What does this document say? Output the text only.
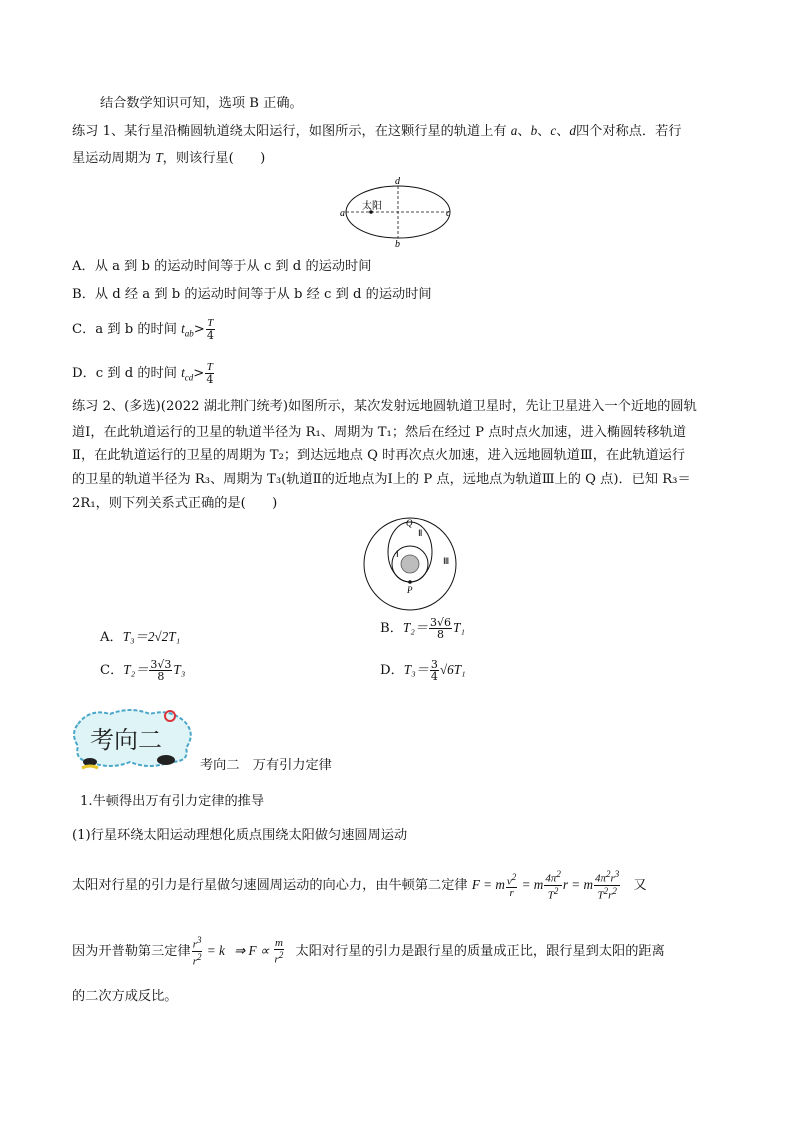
结合数学知识可知，选项 B 正确。
练习 1、某行星沿椭圆轨道绕太阳运行，如图所示，在这颗行星的轨道上有 a、b、c、d四个对称点．若行
星运动周期为 T，则该行星(　　)
太阳
a	c
d
b
A．从 a 到 b 的运动时间等于从 c 到 d 的运动时间
B．从 d 经 a 到 b 的运动时间等于从 b 经 c 到 d 的运动时间
C．a 到 b 的时间 $t_{ab}> \frac{T}{4}$
D．c 到 d 的时间 $t_{cd}> \frac{T}{4}$
练习 2、(多选)(2022 湖北荆门统考)如图所示，某次发射远地圆轨道卫星时，先让卫星进入一个近地的圆轨
道Ⅰ，在此轨道运行的卫星的轨道半径为 R₁、周期为 T₁；然后在经过 P 点时点火加速，进入椭圆转移轨道
Ⅱ，在此轨道运行的卫星的周期为 T₂；到达远地点 Q 时再次点火加速，进入远地圆轨道Ⅲ，在此轨道运行
的卫星的轨道半径为 R₃、周期为 T₃(轨道Ⅱ的近地点为Ⅰ上的 P 点，远地点为轨道Ⅲ上的 Q 点)．已知 R₃＝
2R₁，则下列关系式正确的是(　　)
Q
P
Ⅰ
Ⅱ
Ⅲ
A．T₃＝2√2T₁
B．$T_2= \frac{3√6}{8} T_1$
C．$T_2= \frac{3√3}{8} T_3$	D．$T_3= \frac{3}{4} √6T_1$
考向二
考向二　万有引力定律
1.牛顿得出万有引力定律的推导
(1)行星环绕太阳运动理想化质点围绕太阳做匀速圆周运动
太阳对行星的引力是行星做匀速圆周运动的向心力，由牛顿第二定律 F = m $\frac{v^2}{r} = m \frac{4\pi^2}{T^2}$ r = m $\frac{4\pi^2r^3}{T^2r^2}$ 又
因为开普勒第三定律 $\frac{r^3}{r^2} = k$ ⇒ $F \propto \frac{m}{r^2}$ 太阳对行星的引力是跟行星的质量成正比，跟行星到太阳的距离
的二次方成反比。
